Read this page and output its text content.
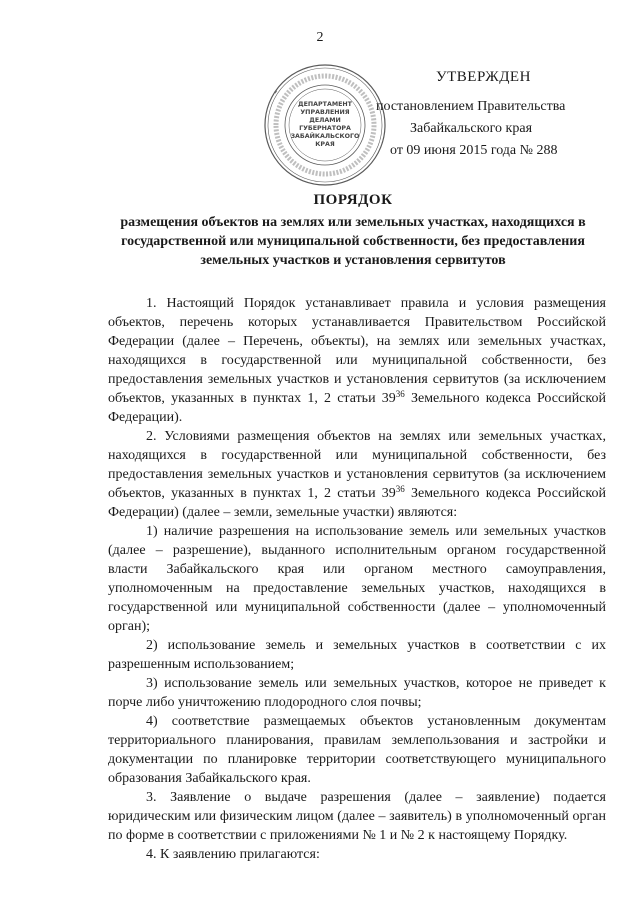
2
ДЕПАРТАМЕНТ
УПРАВЛЕНИЯ
ДЕЛАМИ
ГУБЕРНАТОРА
ЗАБАЙКАЛЬСКОГО
КРАЯ
УТВЕРЖДЕН
постановлением Правительства
Забайкальского края
от 09 июня 2015 года № 288
ПОРЯДОК
размещения объектов на землях или земельных участках, находящихся в государственной или муниципальной собственности, без предоставления земельных участков и установления сервитутов

1. Настоящий Порядок устанавливает правила и условия размещения объектов, перечень которых устанавливается Правительством Российской Федерации (далее – Перечень, объекты), на землях или земельных участках, находящихся в государственной или муниципальной собственности, без предоставления земельных участков и установления сервитутов (за исключением объектов, указанных в пунктах 1, 2 статьи $39^{36}$ Земельного кодекса Российской Федерации).

2. Условиями размещения объектов на землях или земельных участках, находящихся в государственной или муниципальной собственности, без предоставления земельных участков и установления сервитутов (за исключением объектов, указанных в пунктах 1, 2 статьи $39^{36}$ Земельного кодекса Российской Федерации) (далее – земли, земельные участки) являются:

1) наличие разрешения на использование земель или земельных участков (далее – разрешение), выданного исполнительным органом государственной власти Забайкальского края или органом местного самоуправления, уполномоченным на предоставление земельных участков, находящихся в государственной или муниципальной собственности (далее – уполномоченный орган);

2) использование земель и земельных участков в соответствии с их разрешенным использованием;

3) использование земель или земельных участков, которое не приведет к порче либо уничтожению плодородного слоя почвы;

4) соответствие размещаемых объектов установленным документам территориального планирования, правилам землепользования и застройки и документации по планировке территории соответствующего муниципального образования Забайкальского края.

3. Заявление о выдаче разрешения (далее – заявление) подается юридическим или физическим лицом (далее – заявитель) в уполномоченный орган по форме в соответствии с приложениями № 1 и № 2 к настоящему Порядку.

4. К заявлению прилагаются:
